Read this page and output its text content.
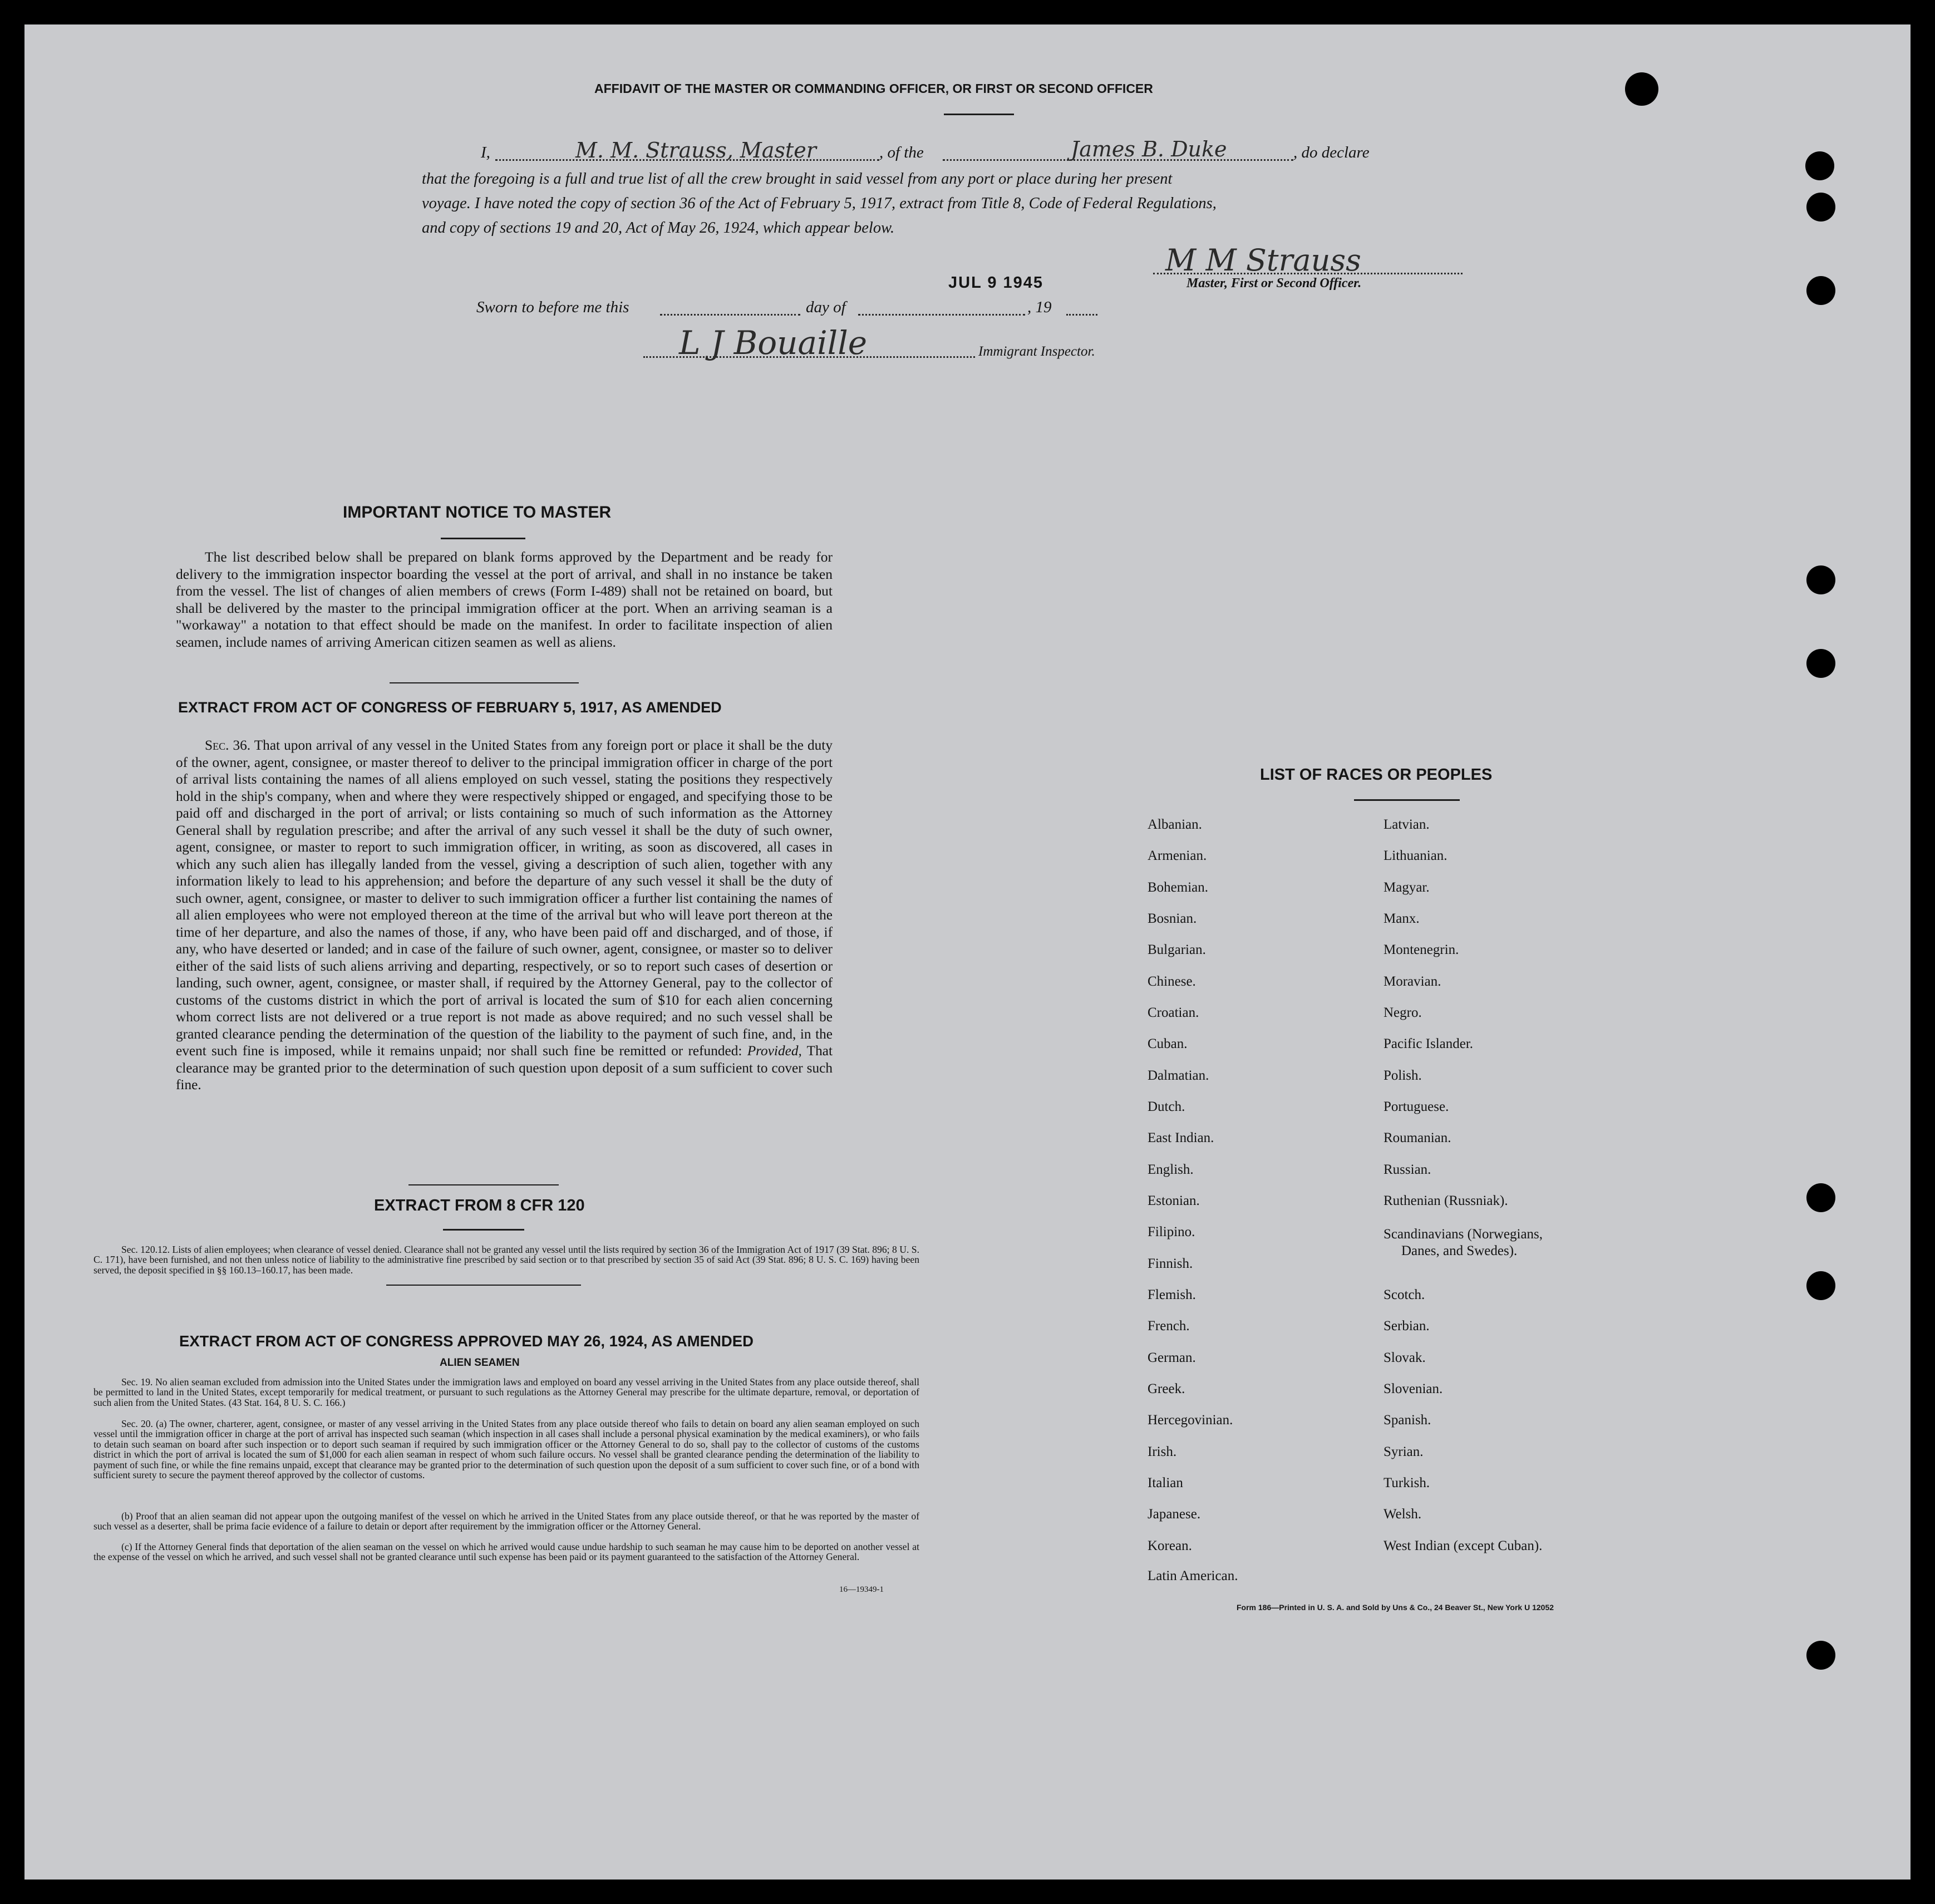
AFFIDAVIT OF THE MASTER OR COMMANDING OFFICER, OR FIRST OR SECOND OFFICER
I,	M. M. Strauss, Master	, of the	James B. Duke	, do declare
that the foregoing is a full and true list of all the crew brought in said vessel from any port or place during her present
voyage. I have noted the copy of section 36 of the Act of February 5, 1917, extract from Title 8, Code of Federal Regulations,
and copy of sections 19 and 20, Act of May 26, 1924, which appear below.
M M Strauss
Master, First or Second Officer.
JUL 9 1945
Sworn to before me this	day of	, 19
L J Bouaille	Immigrant Inspector.
IMPORTANT NOTICE TO MASTER
The list described below shall be prepared on blank forms approved by the Department and be ready for delivery to the immigration inspector boarding the vessel at the port of arrival, and shall in no instance be taken from the vessel. The list of changes of alien members of crews (Form I-489) shall not be retained on board, but shall be delivered by the master to the principal immigration officer at the port. When an arriving seaman is a "workaway" a notation to that effect should be made on the manifest. In order to facilitate inspection of alien seamen, include names of arriving American citizen seamen as well as aliens.
EXTRACT FROM ACT OF CONGRESS OF FEBRUARY 5, 1917, AS AMENDED
Sec. 36. That upon arrival of any vessel in the United States from any foreign port or place it shall be the duty of the owner, agent, consignee, or master thereof to deliver to the principal immigration officer in charge of the port of arrival lists containing the names of all aliens employed on such vessel, stating the positions they respectively hold in the ship's company, when and where they were respectively shipped or engaged, and specifying those to be paid off and discharged in the port of arrival; or lists containing so much of such information as the Attorney General shall by regulation prescribe; and after the arrival of any such vessel it shall be the duty of such owner, agent, consignee, or master to report to such immigration officer, in writing, as soon as discovered, all cases in which any such alien has illegally landed from the vessel, giving a description of such alien, together with any information likely to lead to his apprehension; and before the departure of any such vessel it shall be the duty of such owner, agent, consignee, or master to deliver to such immigration officer a further list containing the names of all alien employees who were not employed thereon at the time of the arrival but who will leave port thereon at the time of her departure, and also the names of those, if any, who have been paid off and discharged, and of those, if any, who have deserted or landed; and in case of the failure of such owner, agent, consignee, or master so to deliver either of the said lists of such aliens arriving and departing, respectively, or so to report such cases of desertion or landing, such owner, agent, consignee, or master shall, if required by the Attorney General, pay to the collector of customs of the customs district in which the port of arrival is located the sum of $10 for each alien concerning whom correct lists are not delivered or a true report is not made as above required; and no such vessel shall be granted clearance pending the determination of the question of the liability to the payment of such fine, and, in the event such fine is imposed, while it remains unpaid; nor shall such fine be remitted or refunded: Provided, That clearance may be granted prior to the determination of such question upon deposit of a sum sufficient to cover such fine.
EXTRACT FROM 8 CFR 120
Sec. 120.12. Lists of alien employees; when clearance of vessel denied. Clearance shall not be granted any vessel until the lists required by section 36 of the Immigration Act of 1917 (39 Stat. 896; 8 U. S. C. 171), have been furnished, and not then unless notice of liability to the administrative fine prescribed by said section or to that prescribed by section 35 of said Act (39 Stat. 896; 8 U. S. C. 169) having been served, the deposit specified in §§ 160.13–160.17, has been made.
EXTRACT FROM ACT OF CONGRESS APPROVED MAY 26, 1924, AS AMENDED
ALIEN SEAMEN
Sec. 19. No alien seaman excluded from admission into the United States under the immigration laws and employed on board any vessel arriving in the United States from any place outside thereof, shall be permitted to land in the United States, except temporarily for medical treatment, or pursuant to such regulations as the Attorney General may prescribe for the ultimate departure, removal, or deportation of such alien from the United States. (43 Stat. 164, 8 U. S. C. 166.)
Sec. 20. (a) The owner, charterer, agent, consignee, or master of any vessel arriving in the United States from any place outside thereof who fails to detain on board any alien seaman employed on such vessel until the immigration officer in charge at the port of arrival has inspected such seaman (which inspection in all cases shall include a personal physical examination by the medical examiners), or who fails to detain such seaman on board after such inspection or to deport such seaman if required by such immigration officer or the Attorney General to do so, shall pay to the collector of customs of the customs district in which the port of arrival is located the sum of $1,000 for each alien seaman in respect of whom such failure occurs. No vessel shall be granted clearance pending the determination of the liability to payment of such fine, or while the fine remains unpaid, except that clearance may be granted prior to the determination of such question upon the deposit of a sum sufficient to cover such fine, or of a bond with sufficient surety to secure the payment thereof approved by the collector of customs.
(b) Proof that an alien seaman did not appear upon the outgoing manifest of the vessel on which he arrived in the United States from any place outside thereof, or that he was reported by the master of such vessel as a deserter, shall be prima facie evidence of a failure to detain or deport after requirement by the immigration officer or the Attorney General.
(c) If the Attorney General finds that deportation of the alien seaman on the vessel on which he arrived would cause undue hardship to such seaman he may cause him to be deported on another vessel at the expense of the vessel on which he arrived, and such vessel shall not be granted clearance until such expense has been paid or its payment guaranteed to the satisfaction of the Attorney General.
16—19349-1
LIST OF RACES OR PEOPLES
Albanian.
Armenian.
Bohemian.
Bosnian.
Bulgarian.
Chinese.
Croatian.
Cuban.
Dalmatian.
Dutch.
East Indian.
English.
Estonian.
Filipino.
Finnish.
Flemish.
French.
German.
Greek.
Hercegovinian.
Irish.
Italian
Japanese.
Korean.
Latin American.
Latvian.
Lithuanian.
Magyar.
Manx.
Montenegrin.
Moravian.
Negro.
Pacific Islander.
Polish.
Portuguese.
Roumanian.
Russian.
Ruthenian (Russniak).
Scandinavians (Norwegians,
Danes, and Swedes).
Scotch.
Serbian.
Slovak.
Slovenian.
Spanish.
Syrian.
Turkish.
Welsh.
West Indian (except Cuban).
Form 186—Printed in U. S. A. and Sold by Uns & Co., 24 Beaver St., New York U 12052
